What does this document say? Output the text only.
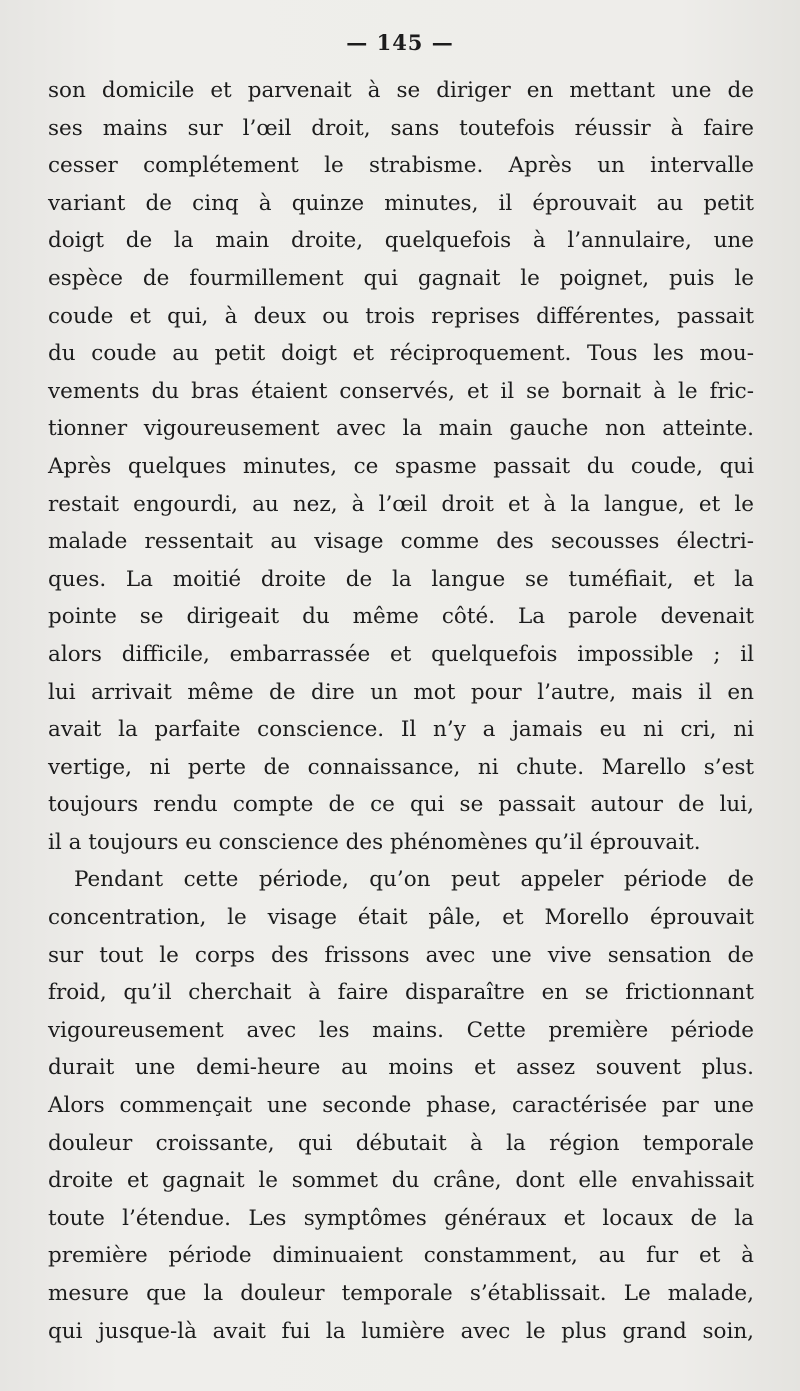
— 145 —
son domicile et parvenait à se diriger en mettant une de
ses mains sur l’œil droit, sans toutefois réussir à faire
cesser complétement le strabisme. Après un intervalle
variant de cinq à quinze minutes, il éprouvait au petit
doigt de la main droite, quelquefois à l’annulaire, une
espèce de fourmillement qui gagnait le poignet, puis le
coude et qui, à deux ou trois reprises différentes, passait
du coude au petit doigt et réciproquement. Tous les mou-
vements du bras étaient conservés, et il se bornait à le fric-
tionner vigoureusement avec la main gauche non atteinte.
Après quelques minutes, ce spasme passait du coude, qui
restait engourdi, au nez, à l’œil droit et à la langue, et le
malade ressentait au visage comme des secousses électri-
ques. La moitié droite de la langue se tuméfiait, et la
pointe se dirigeait du même côté. La parole devenait
alors difficile, embarrassée et quelquefois impossible ; il
lui arrivait même de dire un mot pour l’autre, mais il en
avait la parfaite conscience. Il n’y a jamais eu ni cri, ni
vertige, ni perte de connaissance, ni chute. Marello s’est
toujours rendu compte de ce qui se passait autour de lui,
il a toujours eu conscience des phénomènes qu’il éprouvait.
Pendant cette période, qu’on peut appeler période de
concentration, le visage était pâle, et Morello éprouvait
sur tout le corps des frissons avec une vive sensation de
froid, qu’il cherchait à faire disparaître en se frictionnant
vigoureusement avec les mains. Cette première période
durait une demi-heure au moins et assez souvent plus.
Alors commençait une seconde phase, caractérisée par une
douleur croissante, qui débutait à la région temporale
droite et gagnait le sommet du crâne, dont elle envahissait
toute l’étendue. Les symptômes généraux et locaux de la
première période diminuaient constamment, au fur et à
mesure que la douleur temporale s’établissait. Le malade,
qui jusque-là avait fui la lumière avec le plus grand soin,
